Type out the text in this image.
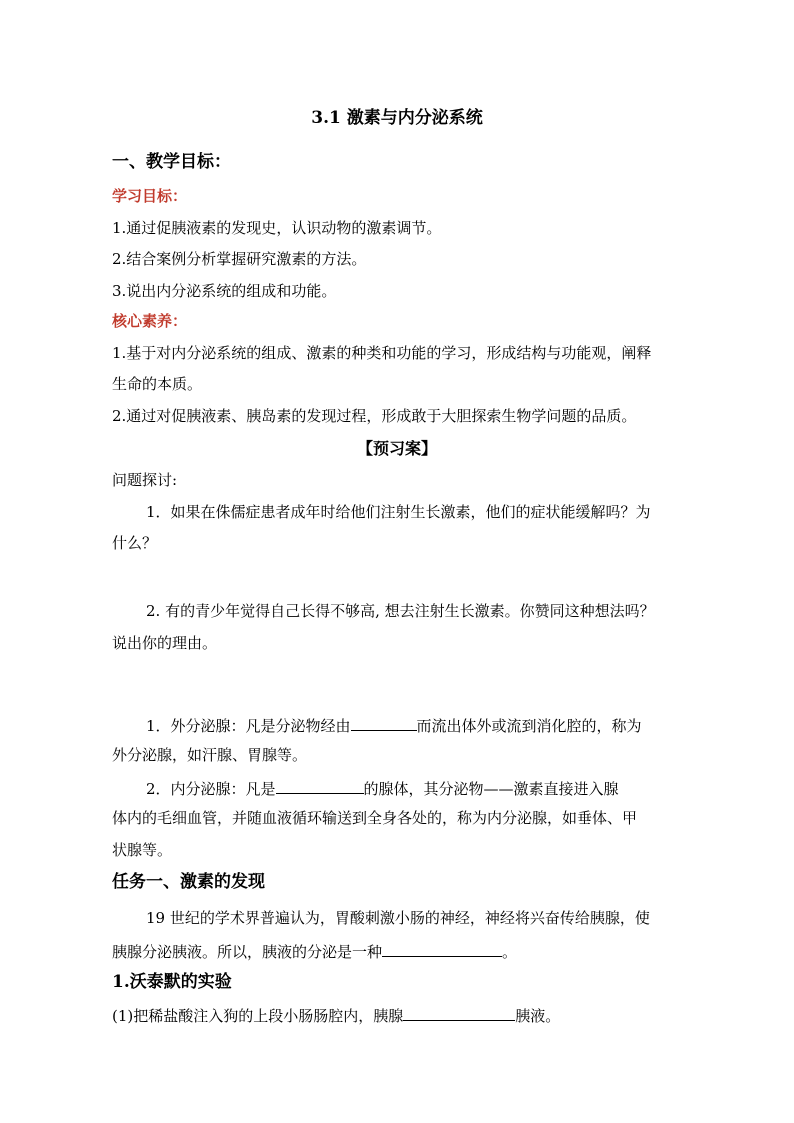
3.1 激素与内分泌系统
一、教学目标：
学习目标：
1.通过促胰液素的发现史，认识动物的激素调节。
2.结合案例分析掌握研究激素的方法。
3.说出内分泌系统的组成和功能。
核心素养：
1.基于对内分泌系统的组成、激素的种类和功能的学习，形成结构与功能观，阐释
生命的本质。
2.通过对促胰液素、胰岛素的发现过程，形成敢于大胆探索生物学问题的品质。
【预习案】
问题探讨:
1．如果在侏儒症患者成年时给他们注射生长激素，他们的症状能缓解吗？为
什么？
2. 有的青少年觉得自己长得不够高, 想去注射生长激素。你赞同这种想法吗？
说出你的理由。
1．外分泌腺：凡是分泌物经由	而流出体外或流到消化腔的，称为
外分泌腺，如汗腺、胃腺等。
2．内分泌腺：凡是	的腺体，其分泌物——激素直接进入腺
体内的毛细血管，并随血液循环输送到全身各处的，称为内分泌腺，如垂体、甲
状腺等。
任务一、激素的发现
19 世纪的学术界普遍认为，胃酸刺激小肠的神经，神经将兴奋传给胰腺，使
胰腺分泌胰液。所以，胰液的分泌是一种	。
1.沃泰默的实验
(1)把稀盐酸注入狗的上段小肠肠腔内，胰腺	胰液。
